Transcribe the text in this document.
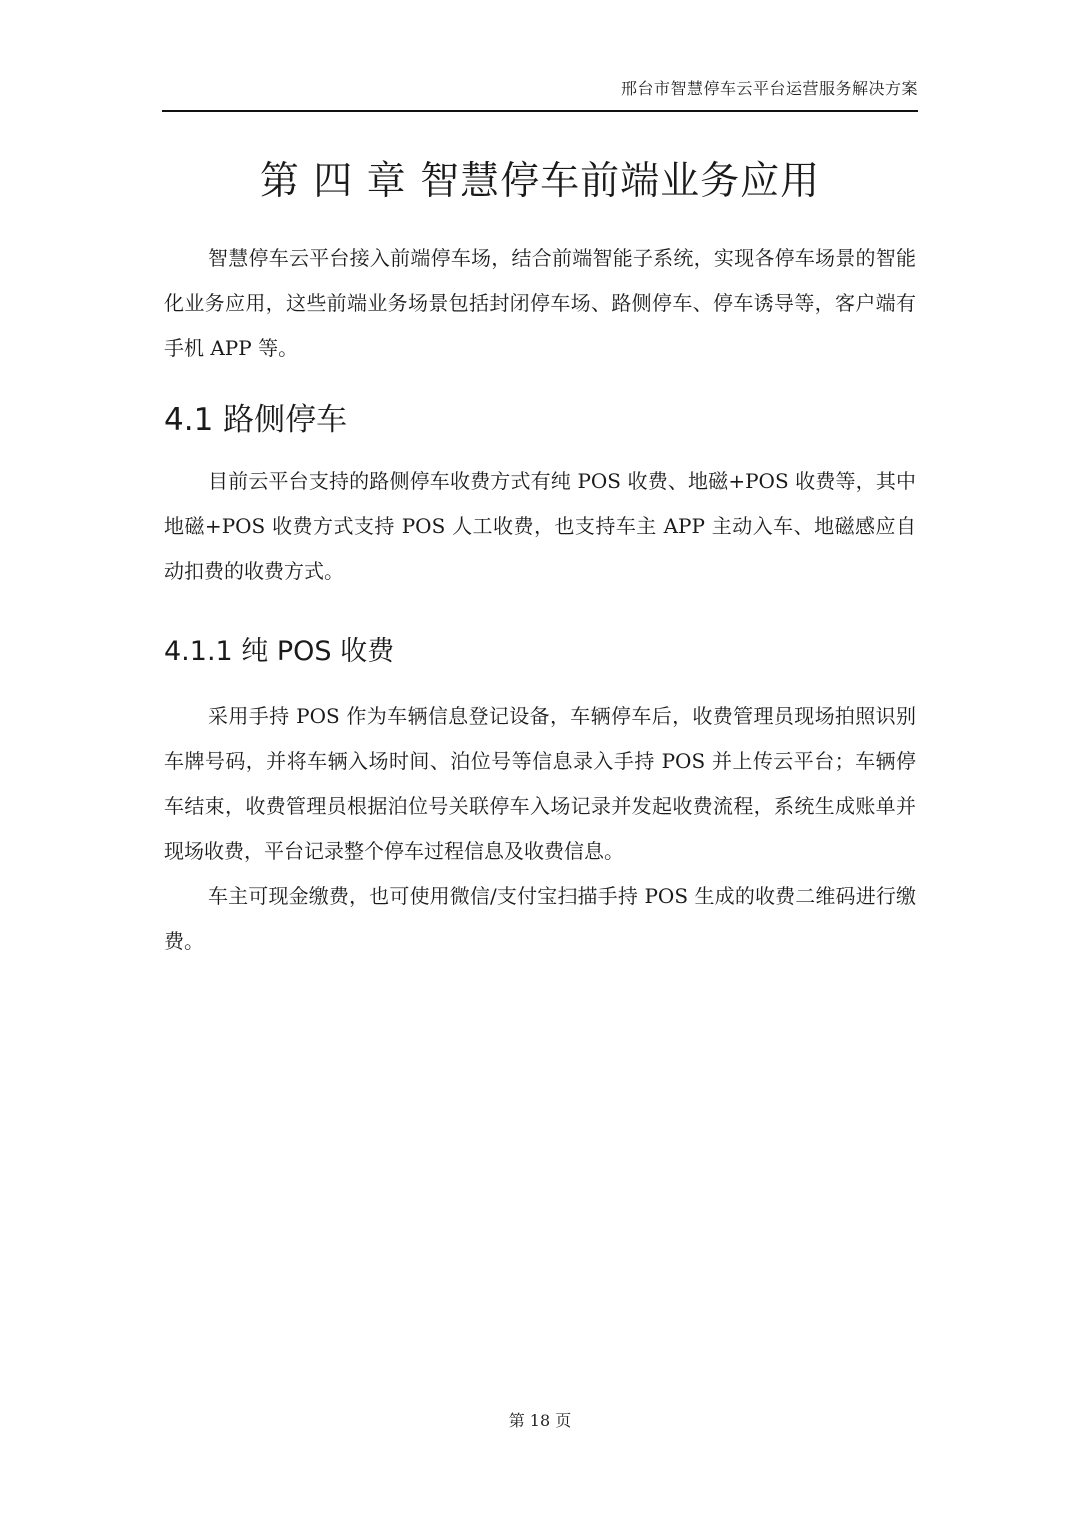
邢台市智慧停车云平台运营服务解决方案
第 四 章 智慧停车前端业务应用

智慧停车云平台接入前端停车场，结合前端智能子系统，实现各停车场景的智能化业务应用，这些前端业务场景包括封闭停车场、路侧停车、停车诱导等，客户端有手机 APP 等。

4.1 路侧停车

目前云平台支持的路侧停车收费方式有纯 POS 收费、地磁+POS 收费等，其中地磁+POS 收费方式支持 POS 人工收费，也支持车主 APP 主动入车、地磁感应自动扣费的收费方式。

4.1.1 纯 POS 收费

采用手持 POS 作为车辆信息登记设备，车辆停车后，收费管理员现场拍照识别车牌号码，并将车辆入场时间、泊位号等信息录入手持 POS 并上传云平台；车辆停车结束，收费管理员根据泊位号关联停车入场记录并发起收费流程，系统生成账单并现场收费，平台记录整个停车过程信息及收费信息。

车主可现金缴费，也可使用微信/支付宝扫描手持 POS 生成的收费二维码进行缴费。

第 18 页
